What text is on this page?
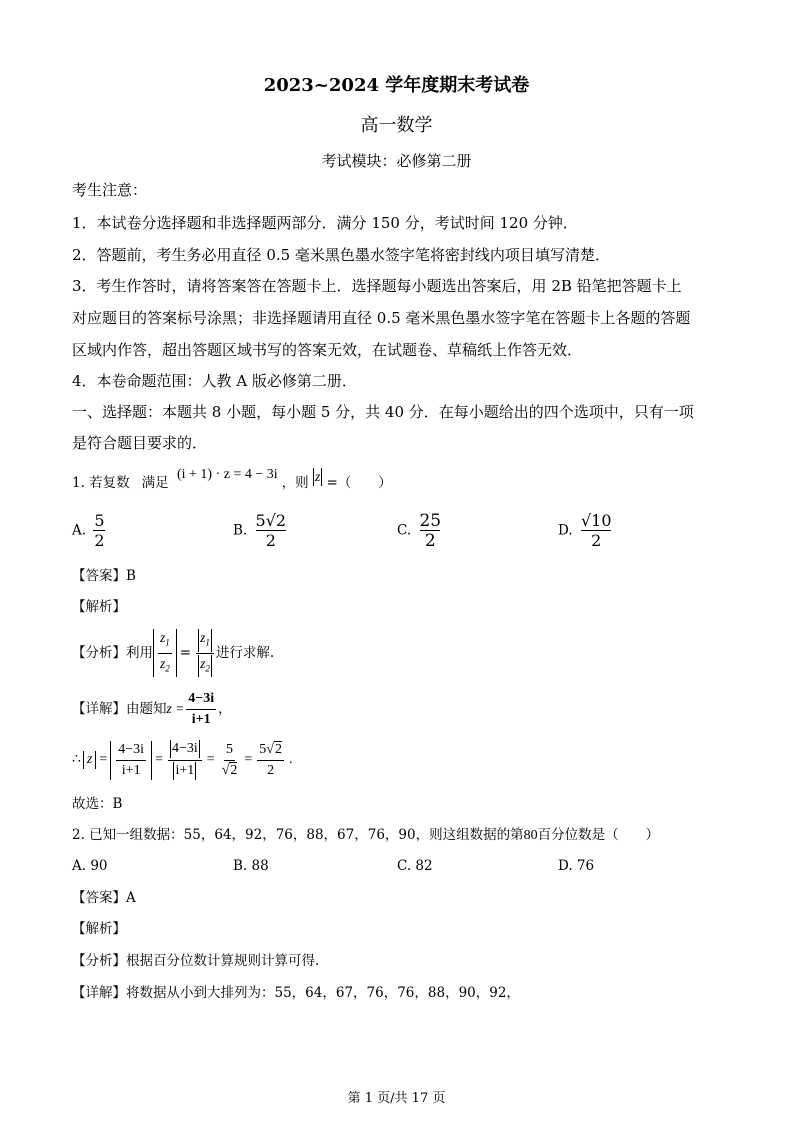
2023~2024 学年度期末考试卷
高一数学
考试模块：必修第二册
考生注意：
1．本试卷分选择题和非选择题两部分．满分 150 分，考试时间 120 分钟．
2．答题前，考生务必用直径 0.5 毫米黑色墨水签字笔将密封线内项目填写清楚．
3．考生作答时，请将答案答在答题卡上．选择题每小题选出答案后，用 2B 铅笔把答题卡上
对应题目的答案标号涂黑；非选择题请用直径 0.5 毫米黑色墨水签字笔在答题卡上各题的答题
区域内作答，超出答题区域书写的答案无效，在试题卷、草稿纸上作答无效．
4．本卷命题范围：人教 A 版必修第二册．
一、选择题：本题共 8 小题，每小题 5 分，共 40 分．在每小题给出的四个选项中，只有一项
是符合题目要求的．
1. 若复数 满足 (i + 1) · z = 4 − 3i，则 z =（　　）
A. $\frac{5}{2}$	B. $\frac{5√2}{2}$	C. $\frac{25}{2}$	D. $\frac{√10}{2}$
【答案】B
【解析】
【分析】利用 $\frac{z_1}{z_2} = \frac{z_1}{z_2}$ 进行求解.
【详解】由题知 $z = \frac{4-3i}{i+1}$ ，
∴ $z = \frac{4-3i}{i+1} = \frac{4-3i}{i+1} = \frac{5}{√2} = \frac{5√2}{2}$ .
故选：B
2. 已知一组数据：55，64，92，76，88，67，76，90，则这组数据的第80百分位数是（　　）
A. 90	B. 88	C. 82	D. 76
【答案】A
【解析】
【分析】根据百分位数计算规则计算可得.
【详解】将数据从小到大排列为：55，64，67，76，76，88，90，92，
第 1 页/共 17 页
